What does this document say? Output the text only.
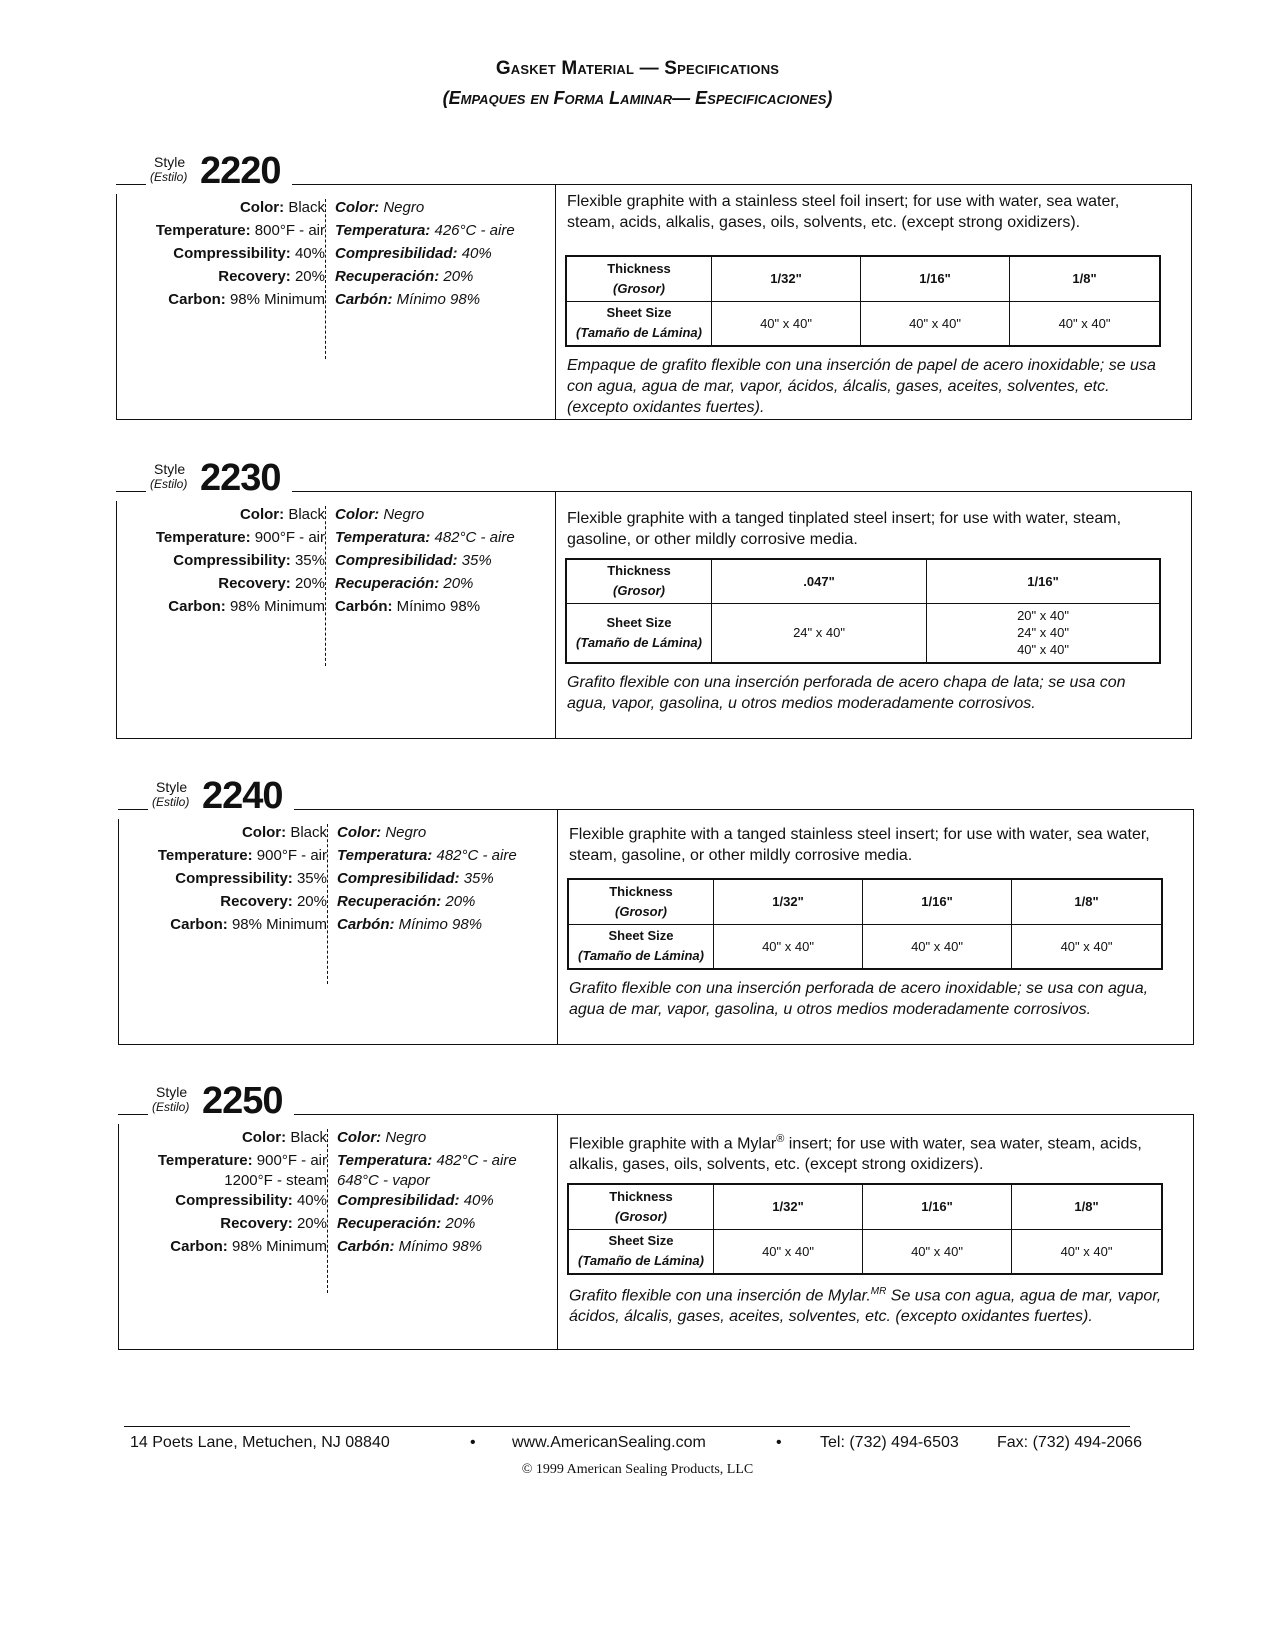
Gasket Material — Specifications
(Empaques en Forma Laminar— Especificaciones)
Color: Black Color: Negro
Temperature: 800°F - air Temperatura: 426°C - aire
Compressibility: 40% Compresibilidad: 40%
Recovery: 20% Recuperación: 20%
Carbon: 98% Minimum Carbón: Mínimo 98%
Flexible graphite with a stainless steel foil insert; for use with water, sea water, steam, acids, alkalis, gases, oils, solvents, etc. (except strong oxidizers).
Thickness
(Grosor)	1/32"	1/16"	1/8"
Sheet Size
(Tamaño de Lámina)	40" x 40"	40" x 40"	40" x 40"
Empaque de grafito flexible con una inserción de papel de acero inoxidable; se usa con agua, agua de mar, vapor, ácidos, álcalis, gases, aceites, solventes, etc. (excepto oxidantes fuertes).
Style
(Estilo) 2220
Color: Black Color: Negro
Temperature: 900°F - air Temperatura: 482°C - aire
Compressibility: 35% Compresibilidad: 35%
Recovery: 20% Recuperación: 20%
Carbon: 98% Minimum Carbón: Mínimo 98%
Flexible graphite with a tanged tinplated steel insert; for use with water, steam, gasoline, or other mildly corrosive media.
Thickness
(Grosor)	.047"	1/16"
Sheet Size
(Tamaño de Lámina)	24" x 40"	20" x 40"
24" x 40"
40" x 40"
Grafito flexible con una inserción perforada de acero chapa de lata; se usa con agua, vapor, gasolina, u otros medios moderadamente corrosivos.
Style
(Estilo) 2230
Color: Black Color: Negro
Temperature: 900°F - air Temperatura: 482°C - aire
Compressibility: 35% Compresibilidad: 35%
Recovery: 20% Recuperación: 20%
Carbon: 98% Minimum Carbón: Mínimo 98%
Flexible graphite with a tanged stainless steel insert; for use with water, sea water, steam, gasoline, or other mildly corrosive media.
Thickness
(Grosor)	1/32"	1/16"	1/8"
Sheet Size
(Tamaño de Lámina)	40" x 40"	40" x 40"	40" x 40"
Grafito flexible con una inserción perforada de acero inoxidable; se usa con agua, agua de mar, vapor, gasolina, u otros medios moderadamente corrosivos.
Style
(Estilo) 2240
Color: Black Color: Negro
Temperature: 900°F - air Temperatura: 482°C - aire
1200°F - steam 648°C - vapor
Compressibility: 40% Compresibilidad: 40%
Recovery: 20% Recuperación: 20%
Carbon: 98% Minimum Carbón: Mínimo 98%
Flexible graphite with a Mylar® insert; for use with water, sea water, steam, acids, alkalis, gases, oils, solvents, etc. (except strong oxidizers).
Thickness
(Grosor)	1/32"	1/16"	1/8"
Sheet Size
(Tamaño de Lámina)	40" x 40"	40" x 40"	40" x 40"
Grafito flexible con una inserción de Mylar.$^{MR}$ Se usa con agua, agua de mar, vapor, ácidos, álcalis, gases, aceites, solventes, etc. (excepto oxidantes fuertes).
Style
(Estilo) 2250
14 Poets Lane, Metuchen, NJ 08840	• www.AmericanSealing.com	• Tel: (732) 494-6503 Fax: (732) 494-2066
© 1999 American Sealing Products, LLC
